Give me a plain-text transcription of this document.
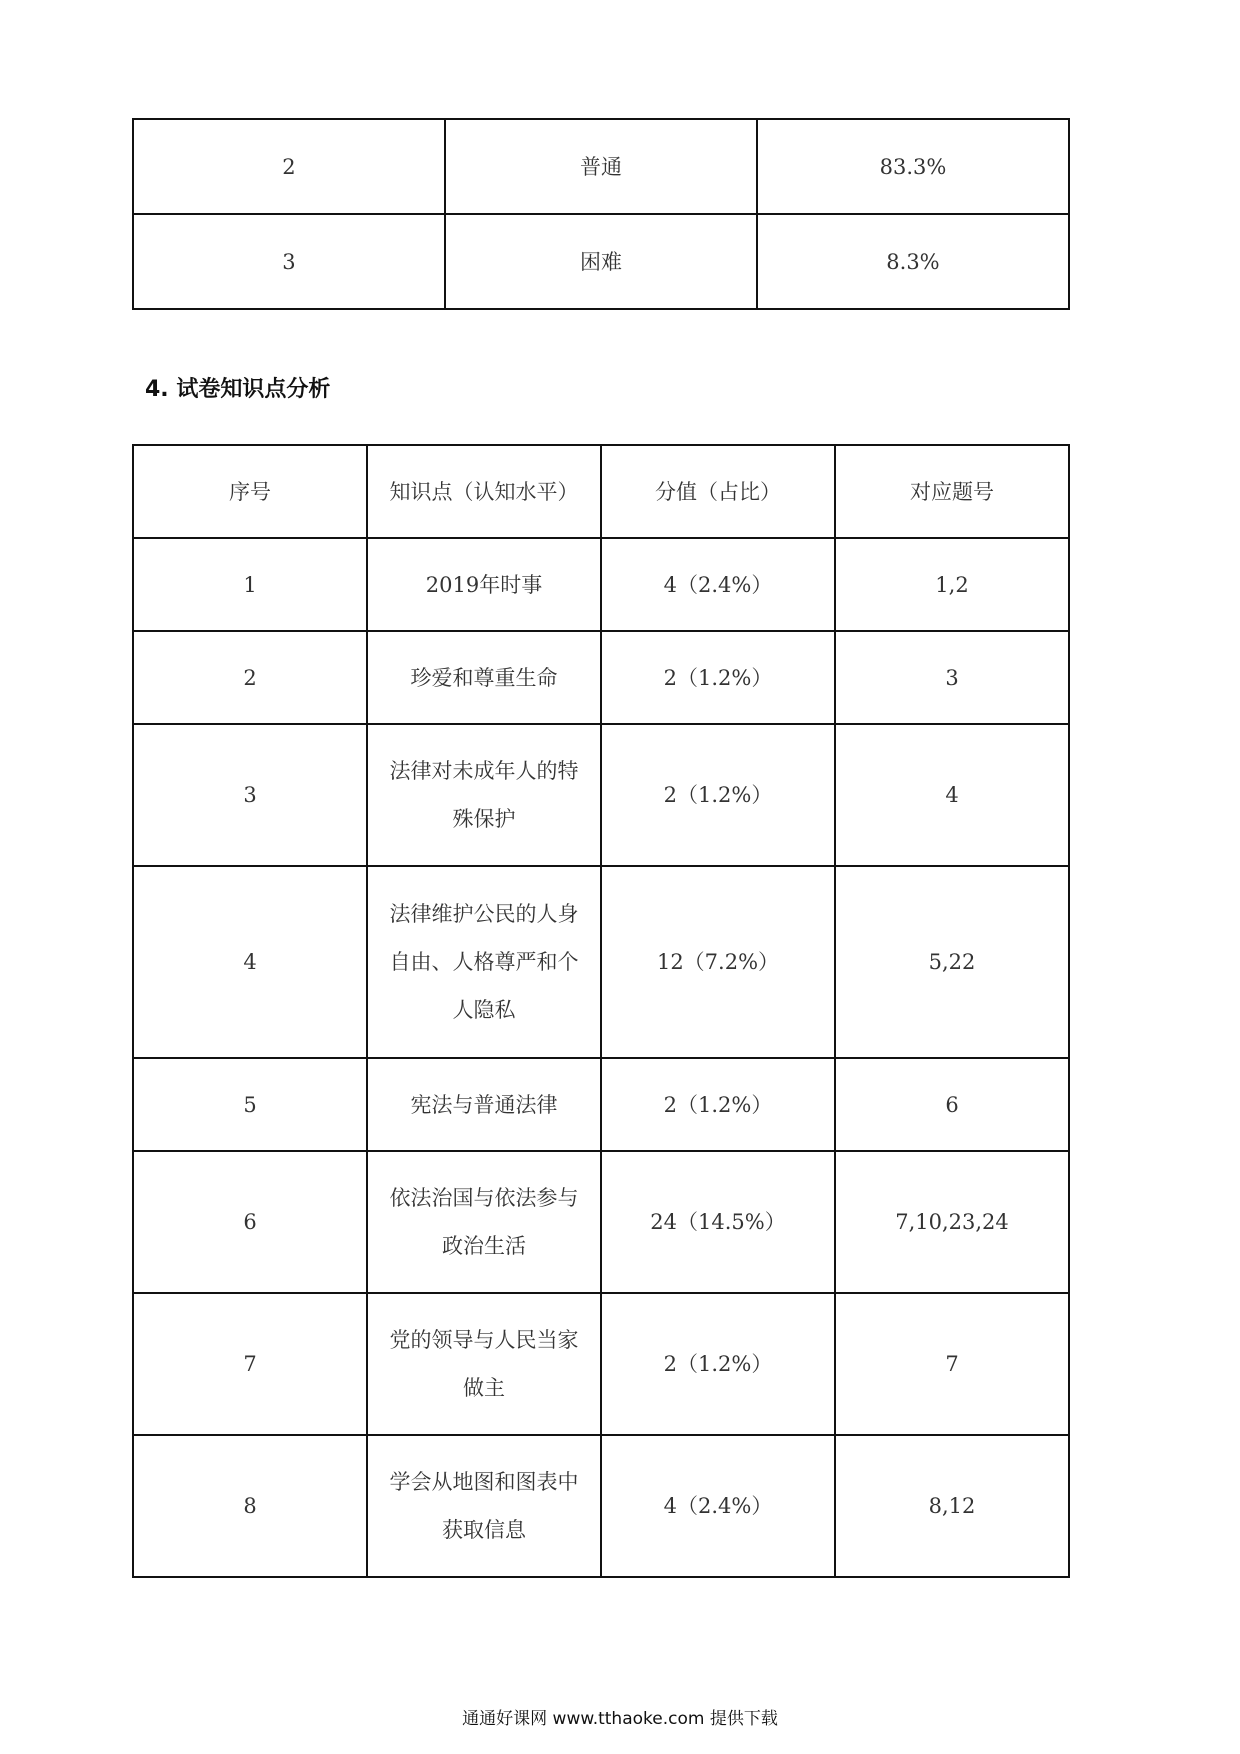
2	普通	83.3%
3	困难	8.3%
4. 试卷知识点分析
序号	知识点（认知水平）	分值（占比）	对应题号
1	2019年时事	4（2.4%）	1,2
2	珍爱和尊重生命	2（1.2%）	3
3	法律对未成年人的特殊保护	2（1.2%）	4
4	法律维护公民的人身自由、人格尊严和个人隐私	12（7.2%）	5,22
5	宪法与普通法律	2（1.2%）	6
6	依法治国与依法参与政治生活	24（14.5%）	7,10,23,24
7	党的领导与人民当家做主	2（1.2%）	7
8	学会从地图和图表中获取信息	4（2.4%）	8,12
通通好课网 www.tthaoke.com 提供下载
